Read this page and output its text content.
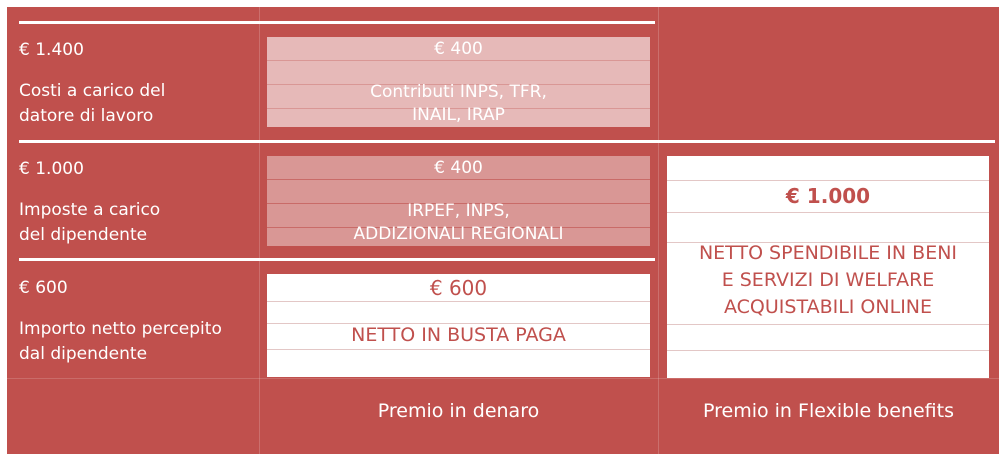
€ 1.400
Costi a carico del
datore di lavoro
€ 1.000
Imposte a carico
del dipendente
€ 600
Importo netto percepito
dal dipendente
€ 400
Contributi INPS, TFR,
INAIL, IRAP
€ 400
IRPEF, INPS,
ADDIZIONALI REGIONALI
€ 600
NETTO IN BUSTA PAGA
€ 1.000
NETTO SPENDIBILE IN BENI
E SERVIZI DI WELFARE
ACQUISTABILI ONLINE
Premio in denaro	Premio in Flexible benefits
